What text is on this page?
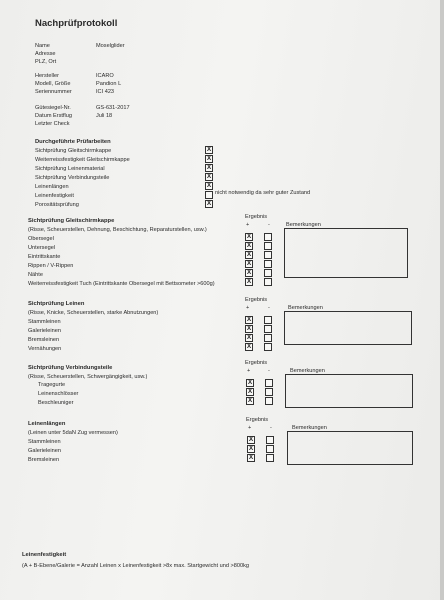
Nachprüfprotokoll
Name	Moselglider
Adresse
PLZ, Ort
Hersteller	ICARO
Modell, Größe	Pandion L
Seriennummer	ICI 423
Gütesiegel-Nr.	GS-631-2017
Datum Erstflug	Juli 18
Letzter Check
Durchgeführte Prüfarbeiten
Sichtprüfung Gleitschirmkappe	X
Weiterreissfestigkeit Gleitschirmkappe	X
Sichtprüfung Leinenmaterial	X
Sichtprüfung Verbindungsteile	X
Leinenlängen	X
Leinenfestigkeit	nicht notwendig da sehr guter Zustand
Porositätsprüfung	X
Sichtprüfung Gleitschirmkappe
(Risse, Scheuerstellen, Dehnung, Beschichtung, Reparaturstellen, usw.)
Ergebnis
+	-	Bemerkungen
Obersegel	X
Untersegel	X
Eintrittskante	X
Rippen / V-Rippen	X
Nähte	X
Weiterreissfestigkeit Tuch (Eintrittskante Obersegel mit Bettsometer >600g)	X
Sichtprüfung Leinen
(Risse, Knicke, Scheuerstellen, starke Abnutzungen)
Ergebnis
+	-	Bemerkungen
Stammleinen	X
Galerieleinen	X
Bremsleinen	X
Vernähungen	X
Sichtprüfung Verbindungsteile
(Risse, Scheuerstellen, Schwergängigkeit, usw.)
Ergebnis
+	-	Bemerkungen
Tragegurte	X
Leinenschlösser	X
Beschleuniger	X
Leinenlängen
(Leinen unter 5daN Zug vermessen)
Ergebnis
+	-	Bemerkungen
Stammleinen	X
Galerieleinen	X
Bremsleinen	X
Leinenfestigkeit
(A + B-Ebene/Galerie = Anzahl Leinen x Leinenfestigkeit >8x max. Startgewicht und >800kg
